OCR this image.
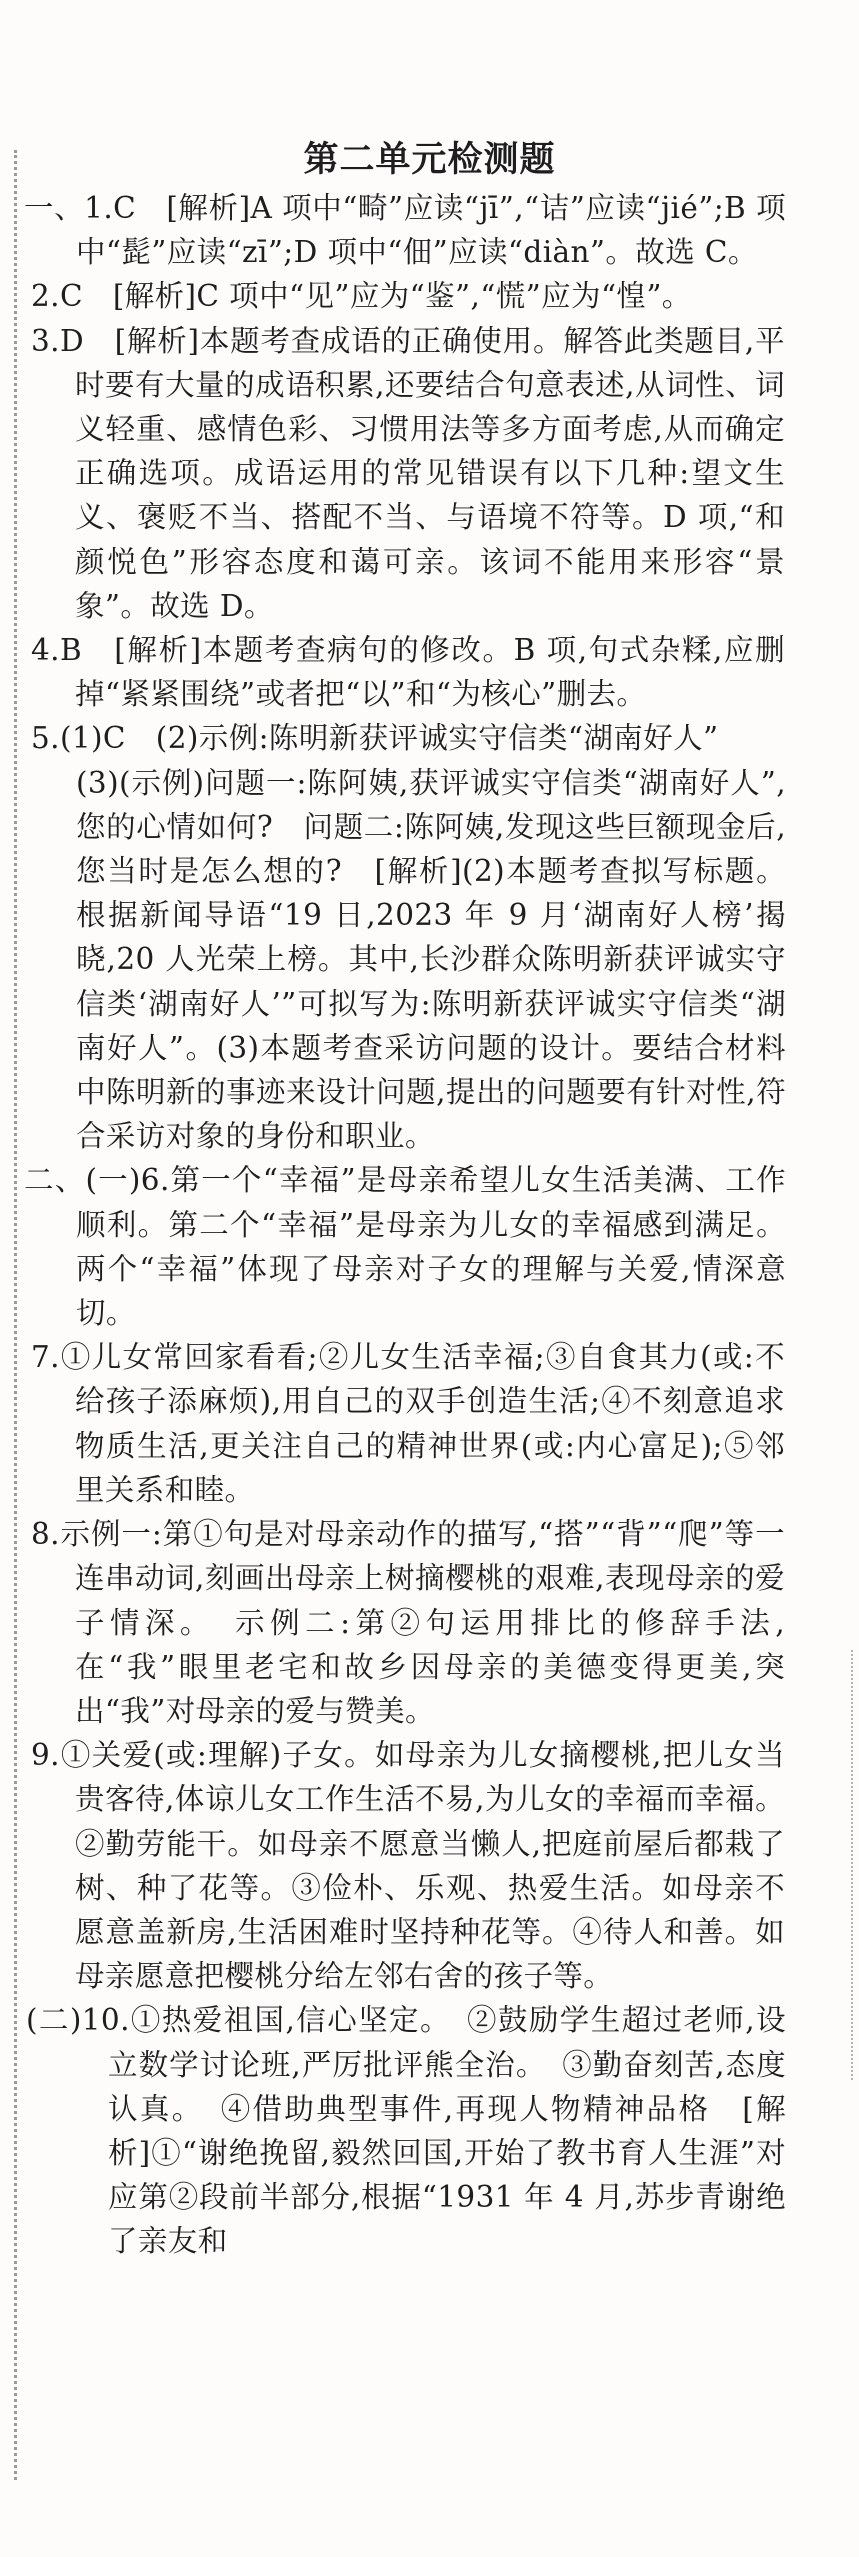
第二单元检测题
一、1.C　[解析]A 项中“畸”应读“jī”,“诘”应读“jié”;B 项中“髭”应读“zī”;D 项中“佃”应读“diàn”。故选 C。
2.C　[解析]C 项中“见”应为“鉴”,“慌”应为“惶”。
3.D　[解析]本题考查成语的正确使用。解答此类题目,平时要有大量的成语积累,还要结合句意表述,从词性、词义轻重、感情色彩、习惯用法等多方面考虑,从而确定正确选项。成语运用的常见错误有以下几种:望文生义、褒贬不当、搭配不当、与语境不符等。D 项,“和颜悦色”形容态度和蔼可亲。该词不能用来形容“景象”。故选 D。
4.B　[解析]本题考查病句的修改。B 项,句式杂糅,应删掉“紧紧围绕”或者把“以”和“为核心”删去。
5.(1)C　(2)示例:陈明新获评诚实守信类“湖南好人”
(3)(示例)问题一:陈阿姨,获评诚实守信类“湖南好人”,您的心情如何?　问题二:陈阿姨,发现这些巨额现金后,您当时是怎么想的?　[解析](2)本题考查拟写标题。根据新闻导语“19 日,2023 年 9 月‘湖南好人榜’揭晓,20 人光荣上榜。其中,长沙群众陈明新获评诚实守信类‘湖南好人’”可拟写为:陈明新获评诚实守信类“湖南好人”。(3)本题考查采访问题的设计。要结合材料中陈明新的事迹来设计问题,提出的问题要有针对性,符合采访对象的身份和职业。
二、(一)6.第一个“幸福”是母亲希望儿女生活美满、工作顺利。第二个“幸福”是母亲为儿女的幸福感到满足。两个“幸福”体现了母亲对子女的理解与关爱,情深意切。
7.①儿女常回家看看;②儿女生活幸福;③自食其力(或:不给孩子添麻烦),用自己的双手创造生活;④不刻意追求物质生活,更关注自己的精神世界(或:内心富足);⑤邻里关系和睦。
8.示例一:第①句是对母亲动作的描写,“搭”“背”“爬”等一连串动词,刻画出母亲上树摘樱桃的艰难,表现母亲的爱子情深。　示例二:第②句运用排比的修辞手法,在“我”眼里老宅和故乡因母亲的美德变得更美,突出“我”对母亲的爱与赞美。
9.①关爱(或:理解)子女。如母亲为儿女摘樱桃,把儿女当贵客待,体谅儿女工作生活不易,为儿女的幸福而幸福。②勤劳能干。如母亲不愿意当懒人,把庭前屋后都栽了树、种了花等。③俭朴、乐观、热爱生活。如母亲不愿意盖新房,生活困难时坚持种花等。④待人和善。如母亲愿意把樱桃分给左邻右舍的孩子等。
(二)10.①热爱祖国,信心坚定。　②鼓励学生超过老师,设立数学讨论班,严厉批评熊全治。　③勤奋刻苦,态度认真。　④借助典型事件,再现人物精神品格　[解析]①“谢绝挽留,毅然回国,开始了教书育人生涯”对应第②段前半部分,根据“1931 年 4 月,苏步青谢绝了亲友和
